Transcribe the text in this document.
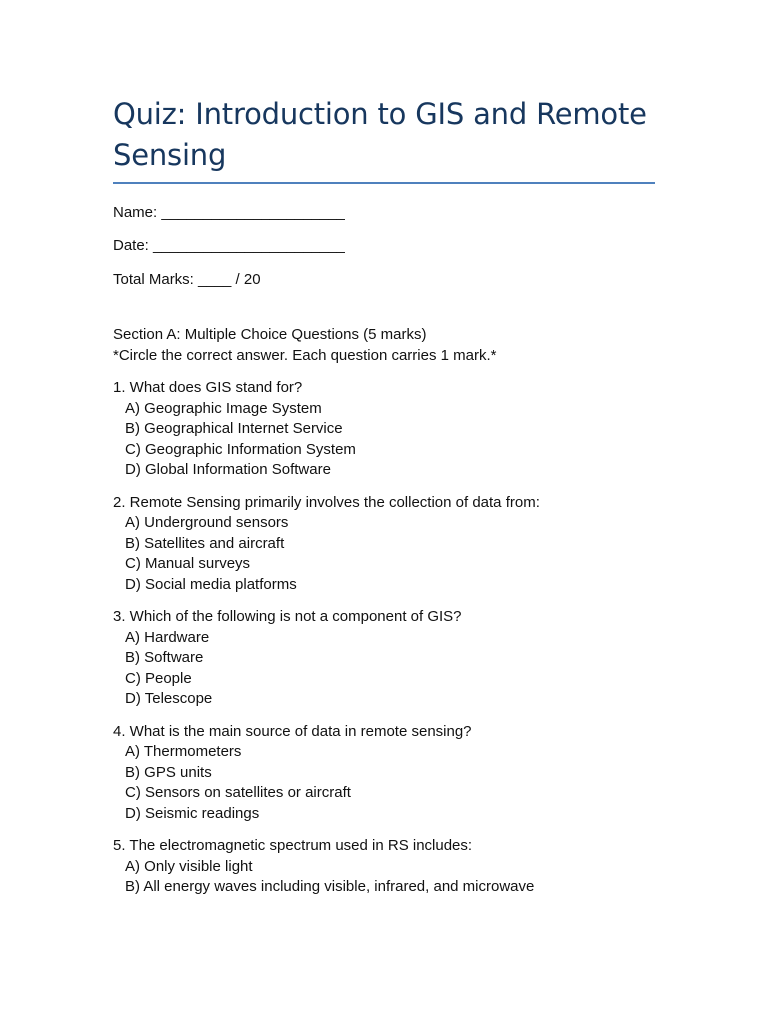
Quiz: Introduction to GIS and Remote Sensing

Name: ______________________

Date: _______________________

Total Marks: ____ / 20

Section A: Multiple Choice Questions (5 marks)
*Circle the correct answer. Each question carries 1 mark.*

1. What does GIS stand for?

A) Geographic Image System

B) Geographical Internet Service

C) Geographic Information System

D) Global Information Software

2. Remote Sensing primarily involves the collection of data from:

A) Underground sensors

B) Satellites and aircraft

C) Manual surveys

D) Social media platforms

3. Which of the following is not a component of GIS?

A) Hardware

B) Software

C) People

D) Telescope

4. What is the main source of data in remote sensing?

A) Thermometers

B) GPS units

C) Sensors on satellites or aircraft

D) Seismic readings

5. The electromagnetic spectrum used in RS includes:

A) Only visible light

B) All energy waves including visible, infrared, and microwave
